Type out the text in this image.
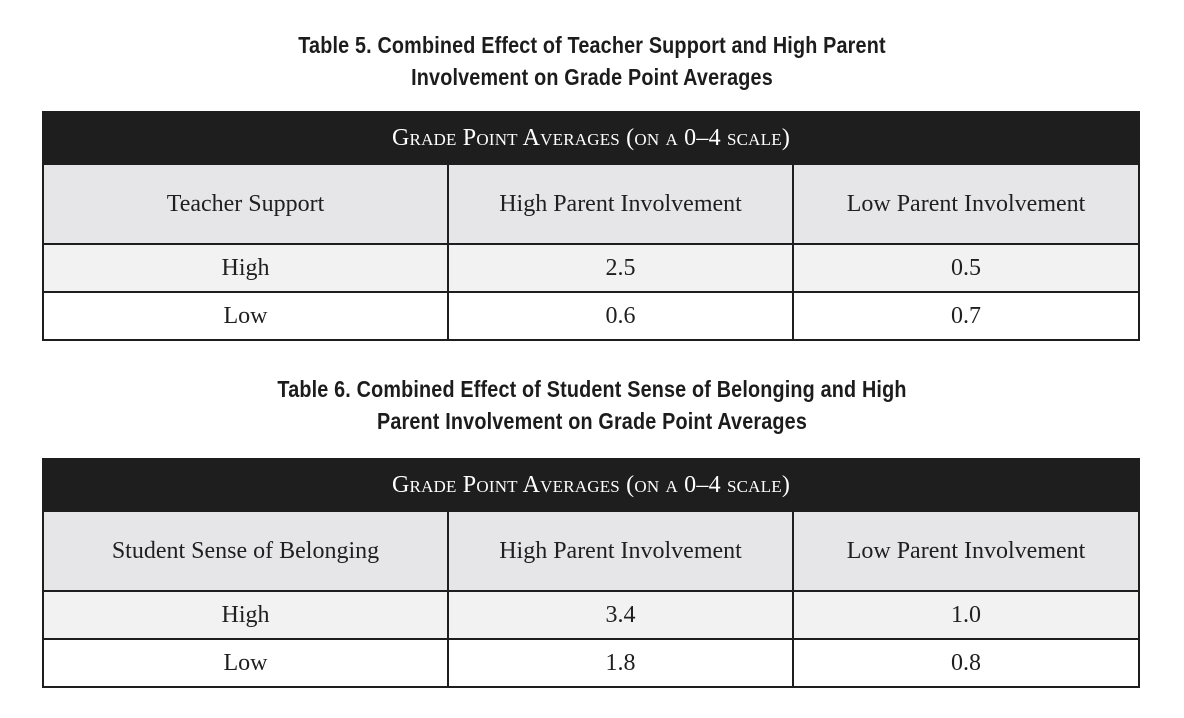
Table 5. Combined Effect of Teacher Support and High Parent
Involvement on Grade Point Averages
Grade Point Averages (on a 0–4 scale)		
Teacher Support	High Parent Involvement	Low Parent Involvement
High	2.5	0.5
Low	0.6	0.7
Table 6. Combined Effect of Student Sense of Belonging and High
Parent Involvement on Grade Point Averages
Grade Point Averages (on a 0–4 scale)		
Student Sense of Belonging	High Parent Involvement	Low Parent Involvement
High	3.4	1.0
Low	1.8	0.8
